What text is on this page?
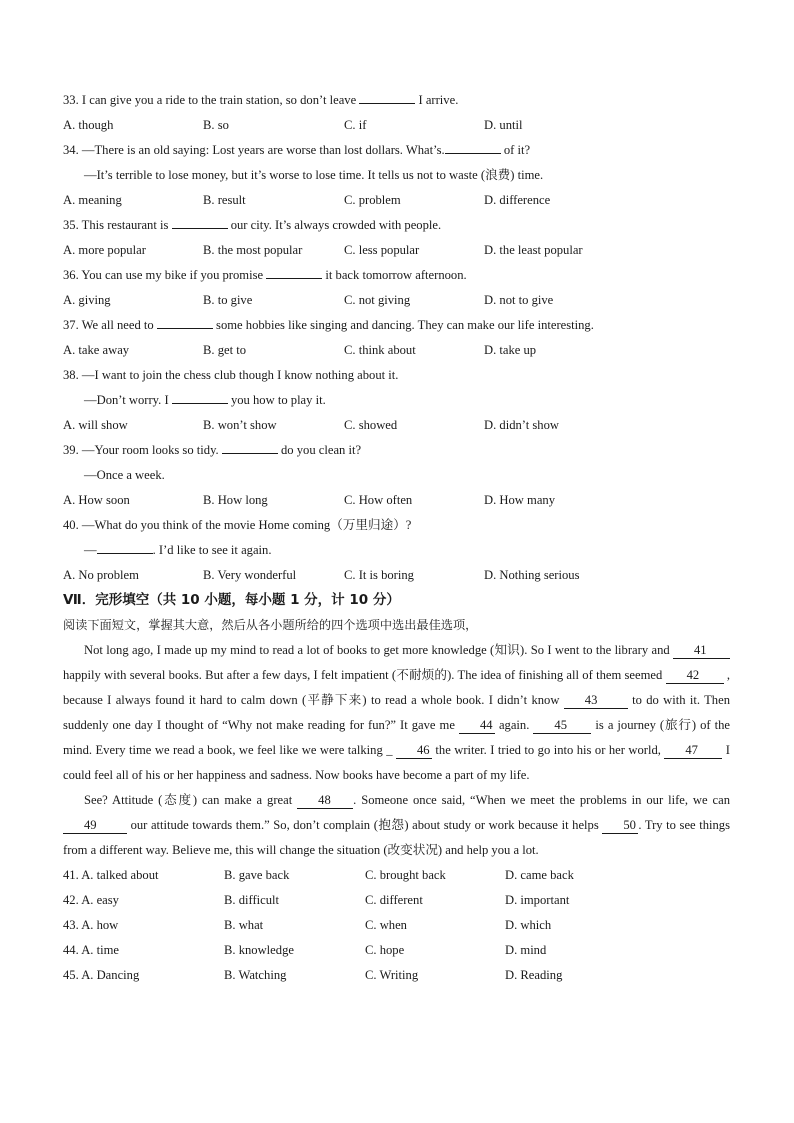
33. I can give you a ride to the train station, so don’t leave	I arrive.
A. though	B. so	C. if	D. until
34. —There is an old saying: Lost years are worse than lost dollars. What’s.	of it?
—It’s terrible to lose money, but it’s worse to lose time. It tells us not to waste (浪费) time.
A. meaning	B. result	C. problem	D. difference
35. This restaurant is	our city. It’s always crowded with people.
A. more popular	B. the most popular	C. less popular	D. the least popular
36. You can use my bike if you promise	it back tomorrow afternoon.
A. giving	B. to give	C. not giving	D. not to give
37. We all need to	some hobbies like singing and dancing. They can make our life interesting.
A. take away	B. get to	C. think about	D. take up
38. —I want to join the chess club though I know nothing about it.
—Don’t worry. I	you how to play it.
A. will show	B. won’t show	C. showed	D. didn’t show
39. —Your room looks so tidy.	do you clean it?
—Once a week.
A. How soon	B. How long	C. How often	D. How many
40. —What do you think of the movie Home coming（万里归途）?
—	. I’d like to see it again.
A. No problem	B. Very wonderful	C. It is boring	D. Nothing serious
Ⅶ．完形填空（共 10 小题，每小题 1 分，计 10 分）
阅读下面短文，掌握其大意，然后从各小题所给的四个选项中选出最佳选项，

Not long ago, I made up my mind to read a lot of books to get more knowledge (知识). So I went to the library and 41 happily with several books. But after a few days, I felt impatient (不耐烦的). The idea of finishing all of them seemed 42 , because I always found it hard to calm down (平静下来) to read a whole book. I didn’t know 43 to do with it. Then suddenly one day I thought of “Why not make reading for fun?” It gave me 44 again. 45 is a journey (旅行) of the mind. Every time we read a book, we feel like we were talking _ 46 the writer. I tried to go into his or her world, 47 I could feel all of his or her happiness and sadness. Now books have become a part of my life.

See? Attitude (态度) can make a great 48 . Someone once said, “When we meet the problems in our life, we can 49 our attitude towards them.” So, don’t complain (抱怨) about study or work because it helps 50 . Try to see things from a different way. Believe me, this will change the situation (改变状况) and help you a lot.

41. A. talked about	B. gave back	C. brought back	D. came back
42. A. easy	B. difficult	C. different	D. important
43. A. how	B. what	C. when	D. which
44. A. time	B. knowledge	C. hope	D. mind
45. A. Dancing	B. Watching	C. Writing	D. Reading
